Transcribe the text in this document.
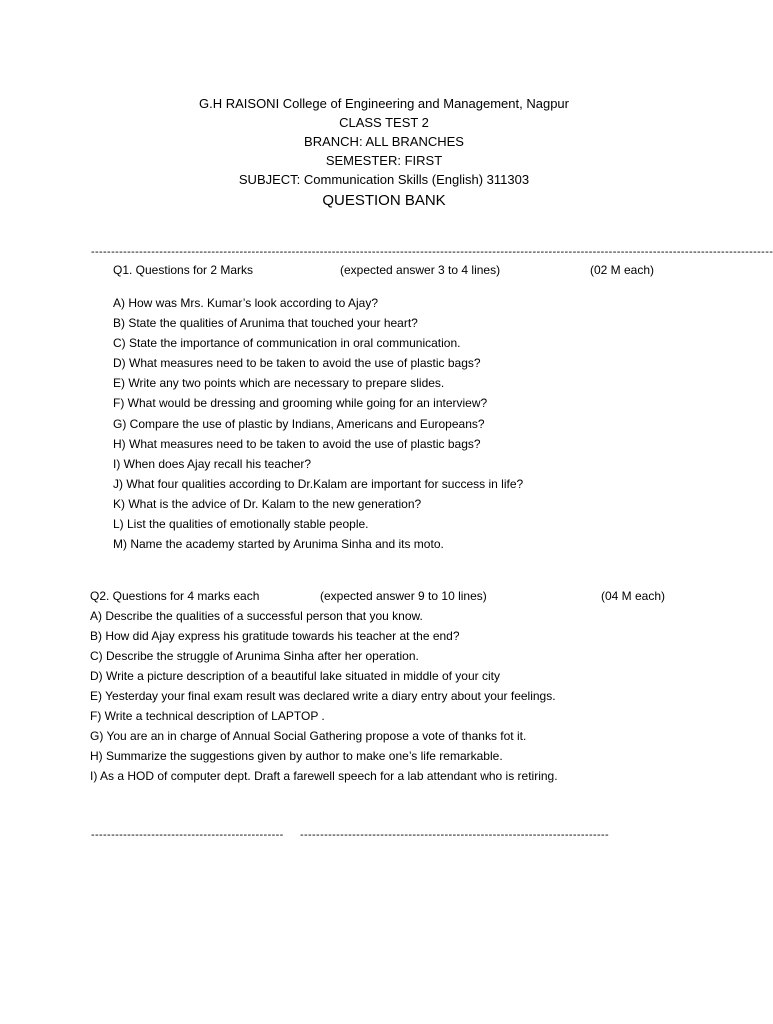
G.H RAISONI College of Engineering and Management, Nagpur
CLASS TEST 2
BRANCH: ALL BRANCHES
SEMESTER: FIRST
SUBJECT: Communication Skills (English) 311303
QUESTION BANK
--------------------------------------------------------------------------------------------------------------------------------------------------------------------------
Q1. Questions for 2 Marks	(expected answer 3 to 4 lines)	(02 M each)
A) How was Mrs. Kumar’s look according to Ajay?
B) State the qualities of Arunima that touched your heart?
C) State the importance of communication in oral communication.
D) What measures need to be taken to avoid the use of plastic bags?
E) Write any two points which are necessary to prepare slides.
F) What would be dressing and grooming while going for an interview?
G) Compare the use of plastic by Indians, Americans and Europeans?
H) What measures need to be taken to avoid the use of plastic bags?
I) When does Ajay recall his teacher?
J) What four qualities according to Dr.Kalam are important for success in life?
K) What is the advice of Dr. Kalam to the new generation?
L) List the qualities of emotionally stable people.
M) Name the academy started by Arunima Sinha and its moto.
Q2. Questions for 4 marks each	(expected answer 9 to 10 lines)	(04 M each)
A) Describe the qualities of a successful person that you know.
B) How did Ajay express his gratitude towards his teacher at the end?
C) Describe the struggle of Arunima Sinha after her operation.
D) Write a picture description of a beautiful lake situated in middle of your city
E) Yesterday your final exam result was declared write a diary entry about your feelings.
F) Write a technical description of LAPTOP .
G) You are an in charge of Annual Social Gathering propose a vote of thanks fot it.
H) Summarize the suggestions given by author to make one’s life remarkable.
I) As a HOD of computer dept. Draft a farewell speech for a lab attendant who is retiring.
------------------------------------------------	-----------------------------------------------------------------------------
